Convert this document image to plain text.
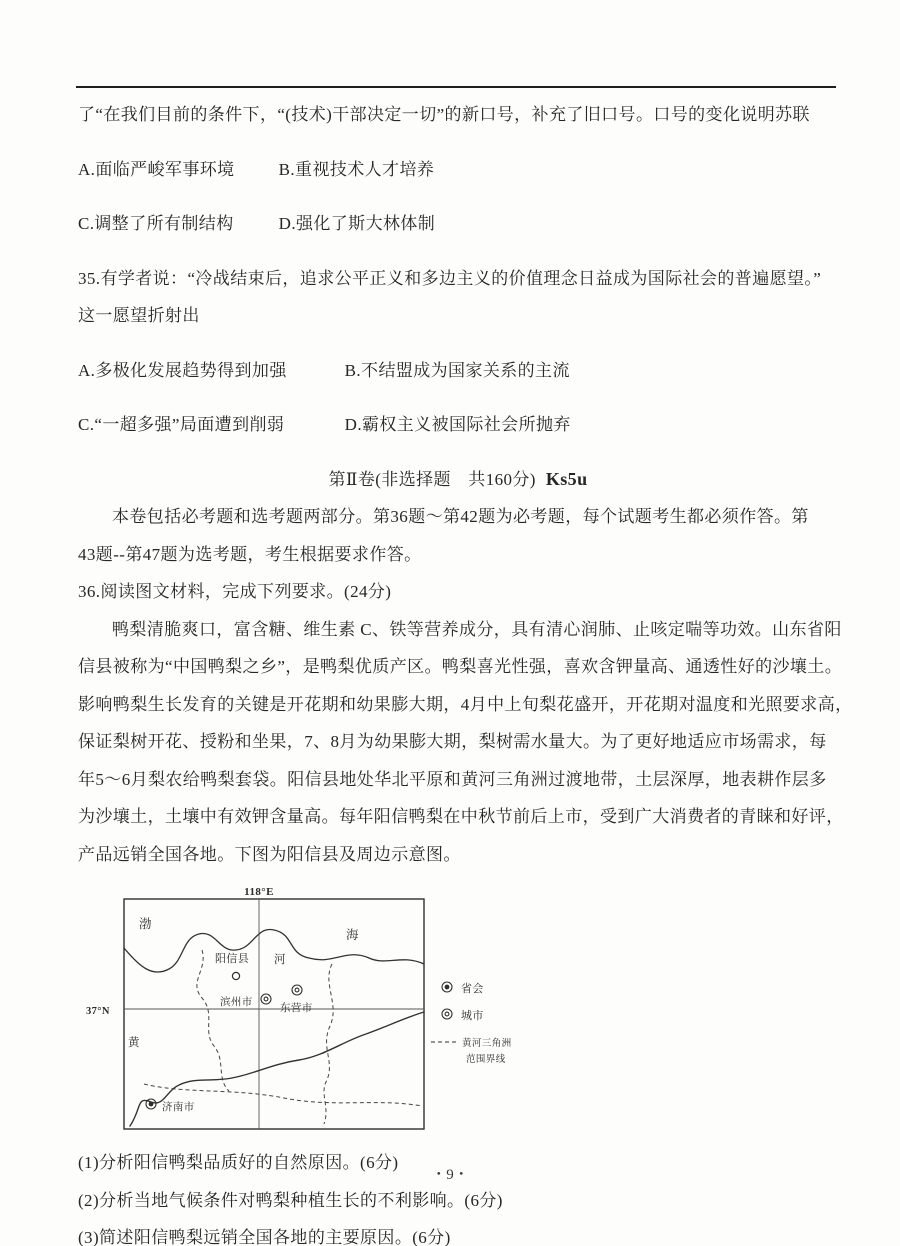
了“在我们目前的条件下，“(技术)干部决定一切”的新口号，补充了旧口号。口号的变化说明苏联

A.面临严峻军事环境	B.重视技术人才培养

C.调整了所有制结构	D.强化了斯大林体制

35.有学者说：“冷战结束后，追求公平正义和多边主义的价值理念日益成为国际社会的普遍愿望。”

这一愿望折射出

A.多极化发展趋势得到加强	B.不结盟成为国家关系的主流

C.“一超多强”局面遭到削弱	D.霸权主义被国际社会所抛弃

第Ⅱ卷(非选择题　共160分) Ks5u

本卷包括必考题和选考题两部分。第36题～第42题为必考题，每个试题考生都必须作答。第

43题--第47题为选考题，考生根据要求作答。

36.阅读图文材料，完成下列要求。(24分)

鸭梨清脆爽口，富含糖、维生素 C、铁等营养成分，具有清心润肺、止咳定喘等功效。山东省阳

信县被称为“中国鸭梨之乡”，是鸭梨优质产区。鸭梨喜光性强，喜欢含钾量高、通透性好的沙壤土。

影响鸭梨生长发育的关键是开花期和幼果膨大期，4月中上旬梨花盛开，开花期对温度和光照要求高，

保证梨树开花、授粉和坐果，7、8月为幼果膨大期，梨树需水量大。为了更好地适应市场需求，每

年5～6月梨农给鸭梨套袋。阳信县地处华北平原和黄河三角洲过渡地带，土层深厚，地表耕作层多

为沙壤土，土壤中有效钾含量高。每年阳信鸭梨在中秋节前后上市，受到广大消费者的青睐和好评，

产品远销全国各地。下图为阳信县及周边示意图。

118°E
37°N
渤
海
黄
河
阳信县
滨州市
东营市
济南市
省会
城市
黄河三角洲
范围界线

(1)分析阳信鸭梨品质好的自然原因。(6分)

(2)分析当地气候条件对鸭梨种植生长的不利影响。(6分)

(3)简述阳信鸭梨远销全国各地的主要原因。(6分)

・9・
